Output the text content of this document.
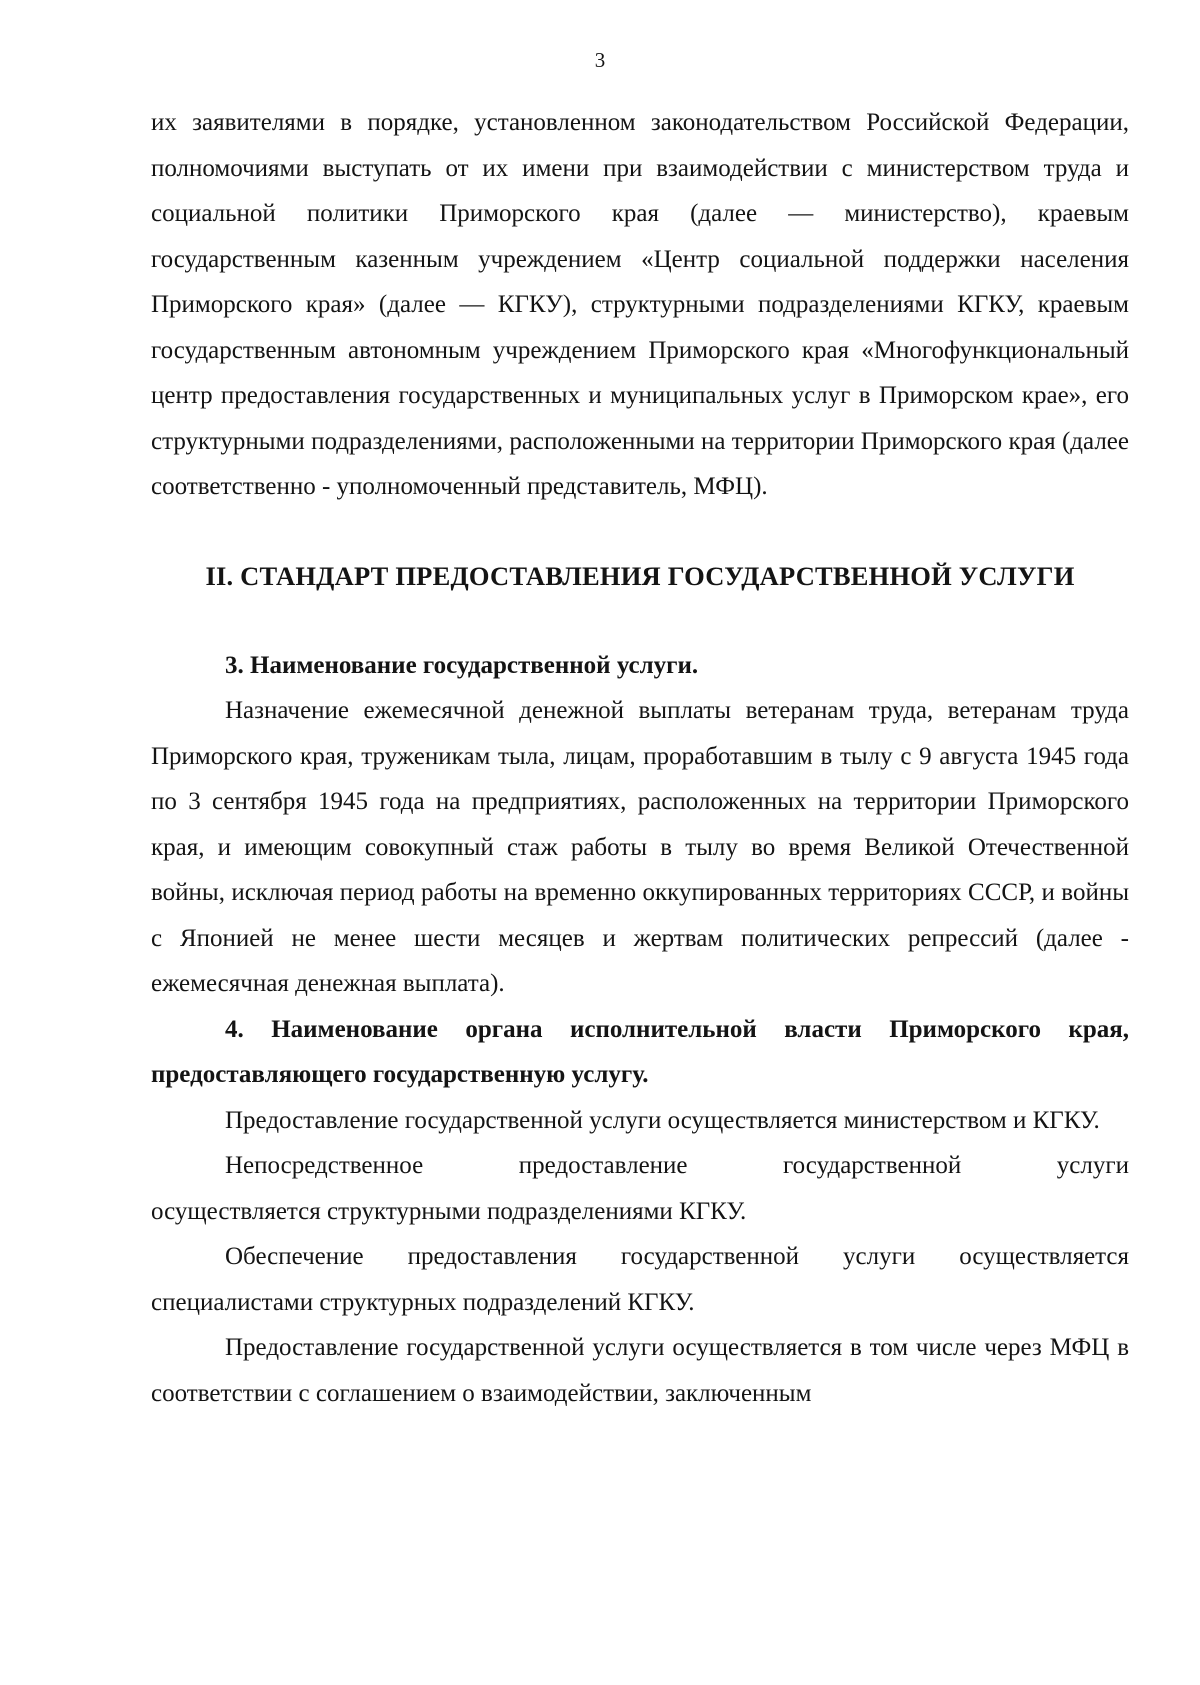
3

их заявителями в порядке, установленном законодательством Российской Федерации, полномочиями выступать от их имени при взаимодействии с министерством труда и социальной политики Приморского края (далее — министерство), краевым государственным казенным учреждением «Центр социальной поддержки населения Приморского края» (далее — КГКУ), структурными подразделениями КГКУ, краевым государственным автономным учреждением Приморского края «Многофункциональный центр предоставления государственных и муниципальных услуг в Приморском крае», его структурными подразделениями, расположенными на территории Приморского края (далее соответственно - уполномоченный представитель, МФЦ).

II. СТАНДАРТ ПРЕДОСТАВЛЕНИЯ ГОСУДАРСТВЕННОЙ УСЛУГИ

3. Наименование государственной услуги.

Назначение ежемесячной денежной выплаты ветеранам труда, ветеранам труда Приморского края, труженикам тыла, лицам, проработавшим в тылу с 9 августа 1945 года по 3 сентября 1945 года на предприятиях, расположенных на территории Приморского края, и имеющим совокупный стаж работы в тылу во время Великой Отечественной войны, исключая период работы на временно оккупированных территориях СССР, и войны с Японией не менее шести месяцев и жертвам политических репрессий (далее - ежемесячная денежная выплата).

4. Наименование органа исполнительной власти Приморского края, предоставляющего государственную услугу.

Предоставление государственной услуги осуществляется министерством и КГКУ.

Непосредственное	предоставление	государственной	услуги

осуществляется структурными подразделениями КГКУ.

Обеспечение предоставления государственной услуги осуществляется специалистами структурных подразделений КГКУ.

Предоставление государственной услуги осуществляется в том числе через МФЦ в соответствии с соглашением о взаимодействии, заключенным
